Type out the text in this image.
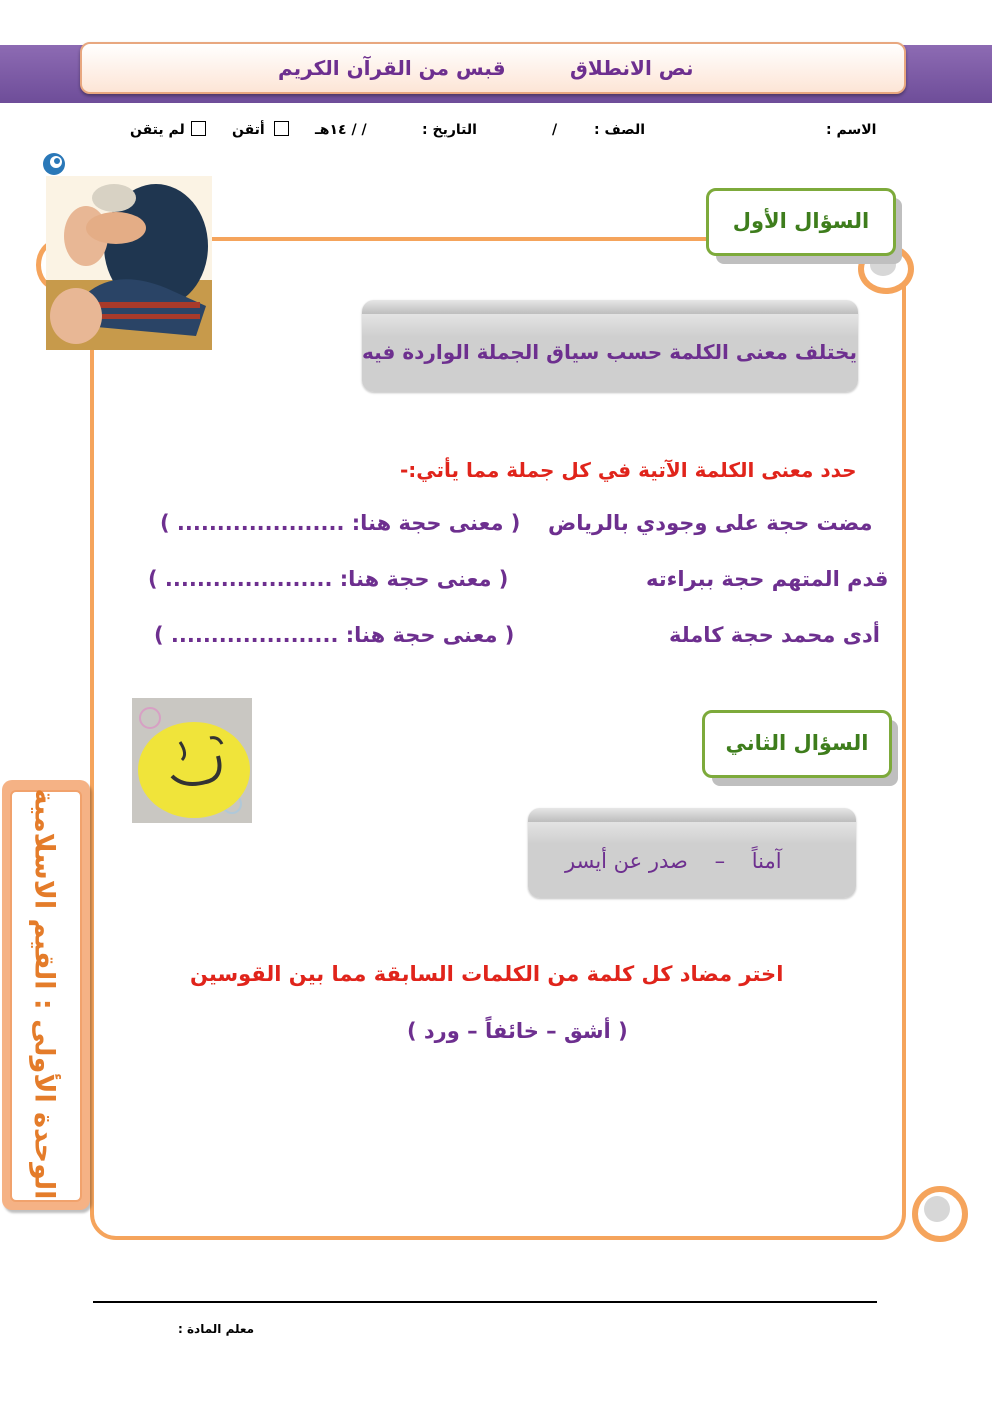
نص الانطلاق
قبس من القرآن الكريم
الاسم :
الصف :
/
التاريخ :
/ / ١٤هـ
أتقن
لم يتقن
السؤال الأول
يختلف معنى الكلمة حسب سياق الجملة الواردة فيه
حدد معنى الكلمة الآتية في كل جملة مما يأتي:-
مضت حجة على وجودي بالرياض
( معنى حجة هنا: ..................... )
قدم المتهم حجة ببراءته
( معنى حجة هنا: ..................... )
أدى محمد حجة كاملة
( معنى حجة هنا: ..................... )
السؤال الثاني
آمناً    –    صدر عن أيسر
اختر مضاد كل كلمة من الكلمات السابقة مما بين القوسين
( أشق – خائفاً – ورد )
الوحدة الأولى : القيم الاسلامية
معلم المادة :
